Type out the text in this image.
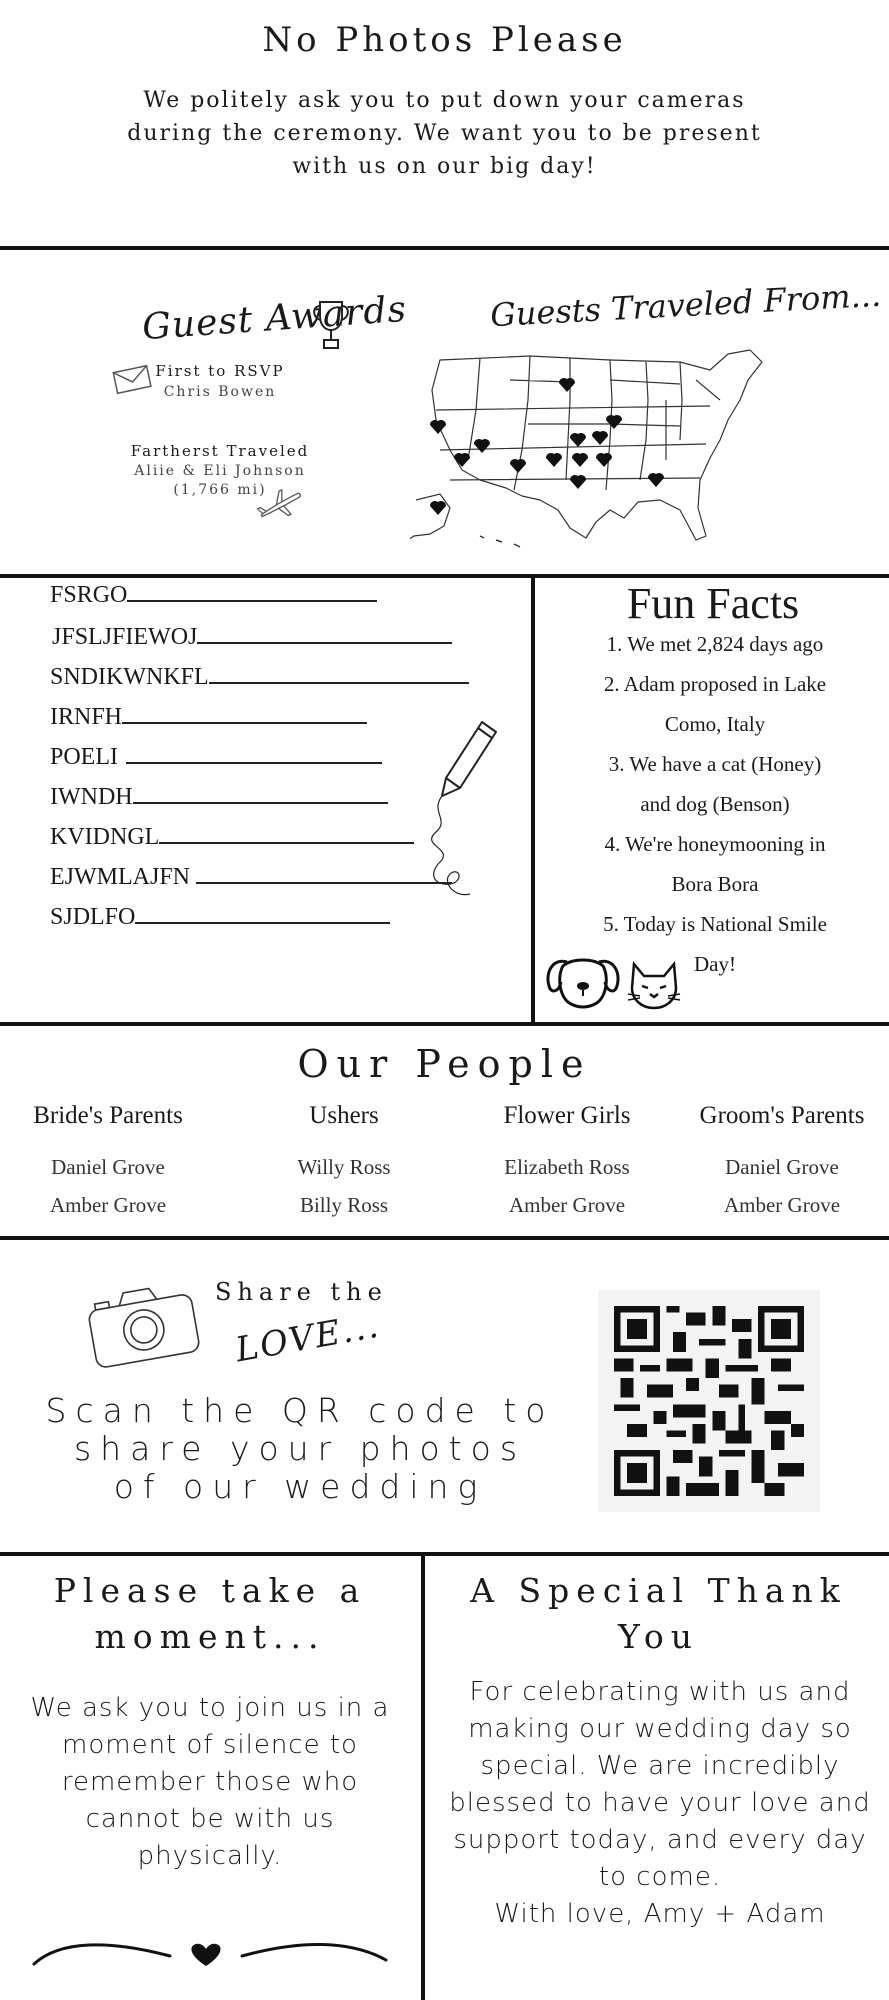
No Photos Please
We politely ask you to put down your cameras during the ceremony. We want you to be present with us on our big day!
Guest Awards
First to RSVP
Chris Bowen
Fartherst Traveled
Aliie & Eli Johnson
(1,766 mi)
Guests Traveled From...
FSRGO
JFSLJFIEWOJ
SNDIKWNKFL
IRNFH
POELI
IWNDH
KVIDNGL
EJWMLAJFN
SJDLFO
Fun Facts
1. We met 2,824 days ago
2. Adam proposed in Lake
Como, Italy
3. We have a cat (Honey)
and dog (Benson)
4. We're honeymooning in
Bora Bora
5. Today is National Smile
Day!
Our People
Bride's Parents
Daniel Grove
Amber Grove
Ushers
Willy Ross
Billy Ross
Flower Girls
Elizabeth Ross
Amber Grove
Groom's Parents
Daniel Grove
Amber Grove
Share the
LOVE...
Scan the QR code to share your photos of our wedding
Please take a moment...
We ask you to join us in a moment of silence to remember those who cannot be with us physically.
A Special Thank You
For celebrating with us and making our wedding day so special. We are incredibly blessed to have your love and support today, and every day to come.
With love, Amy + Adam
